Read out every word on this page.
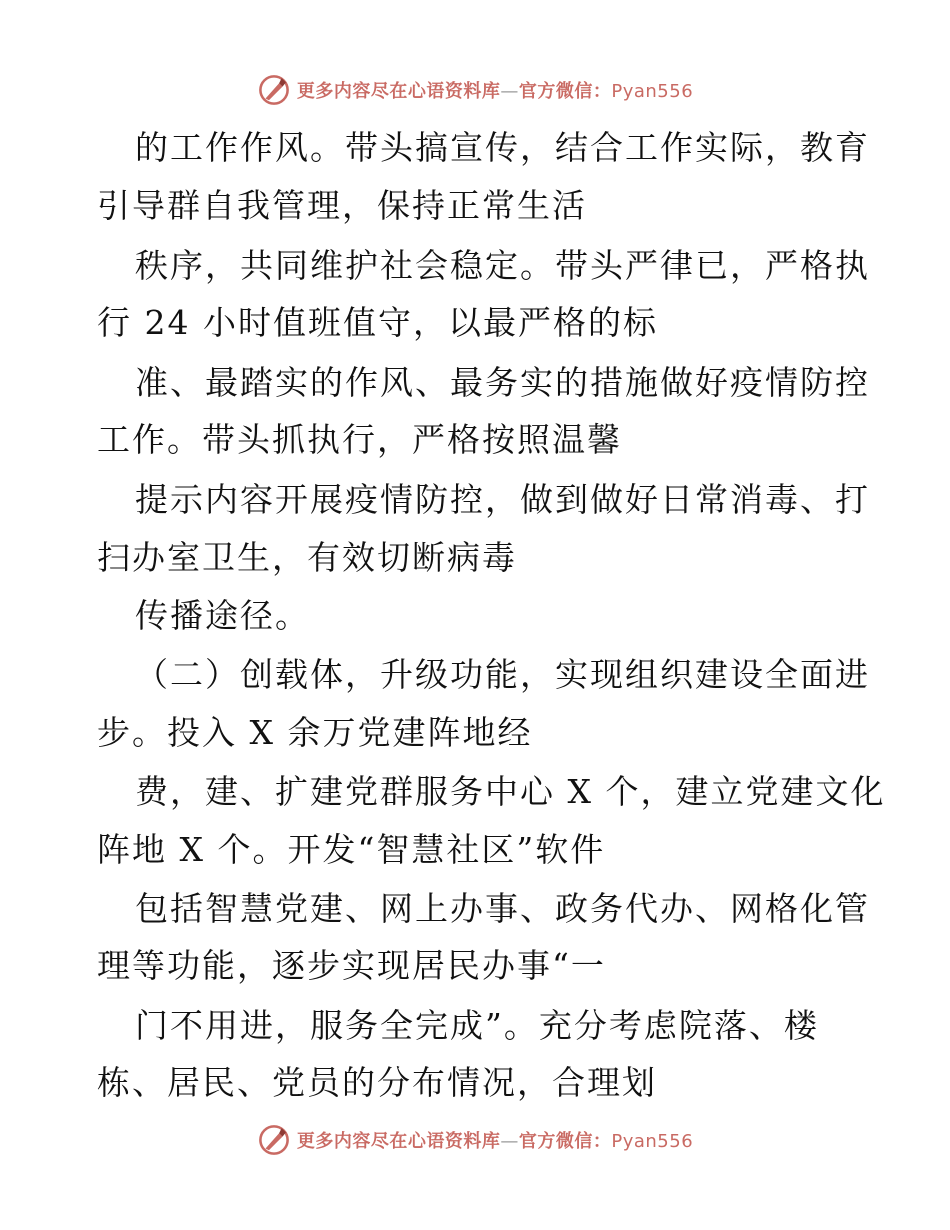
更多内容尽在心语资料库—官方微信：Pyan556
的工作作风。带头搞宣传，结合工作实际，教育
引导群自我管理，保持正常生活
秩序，共同维护社会稳定。带头严律已，严格执
行 24 小时值班值守，以最严格的标
准、最踏实的作风、最务实的措施做好疫情防控
工作。带头抓执行，严格按照温馨
提示内容开展疫情防控，做到做好日常消毒、打
扫办室卫生，有效切断病毒
传播途径。
（二）创载体，升级功能，实现组织建设全面进
步。投入 X 余万党建阵地经
费，建、扩建党群服务中心 X 个，建立党建文化
阵地 X 个。开发“智慧社区”软件
包括智慧党建、网上办事、政务代办、网格化管
理等功能，逐步实现居民办事“一
门不用进，服务全完成”。充分考虑院落、楼
栋、居民、党员的分布情况，合理划
更多内容尽在心语资料库—官方微信：Pyan556
